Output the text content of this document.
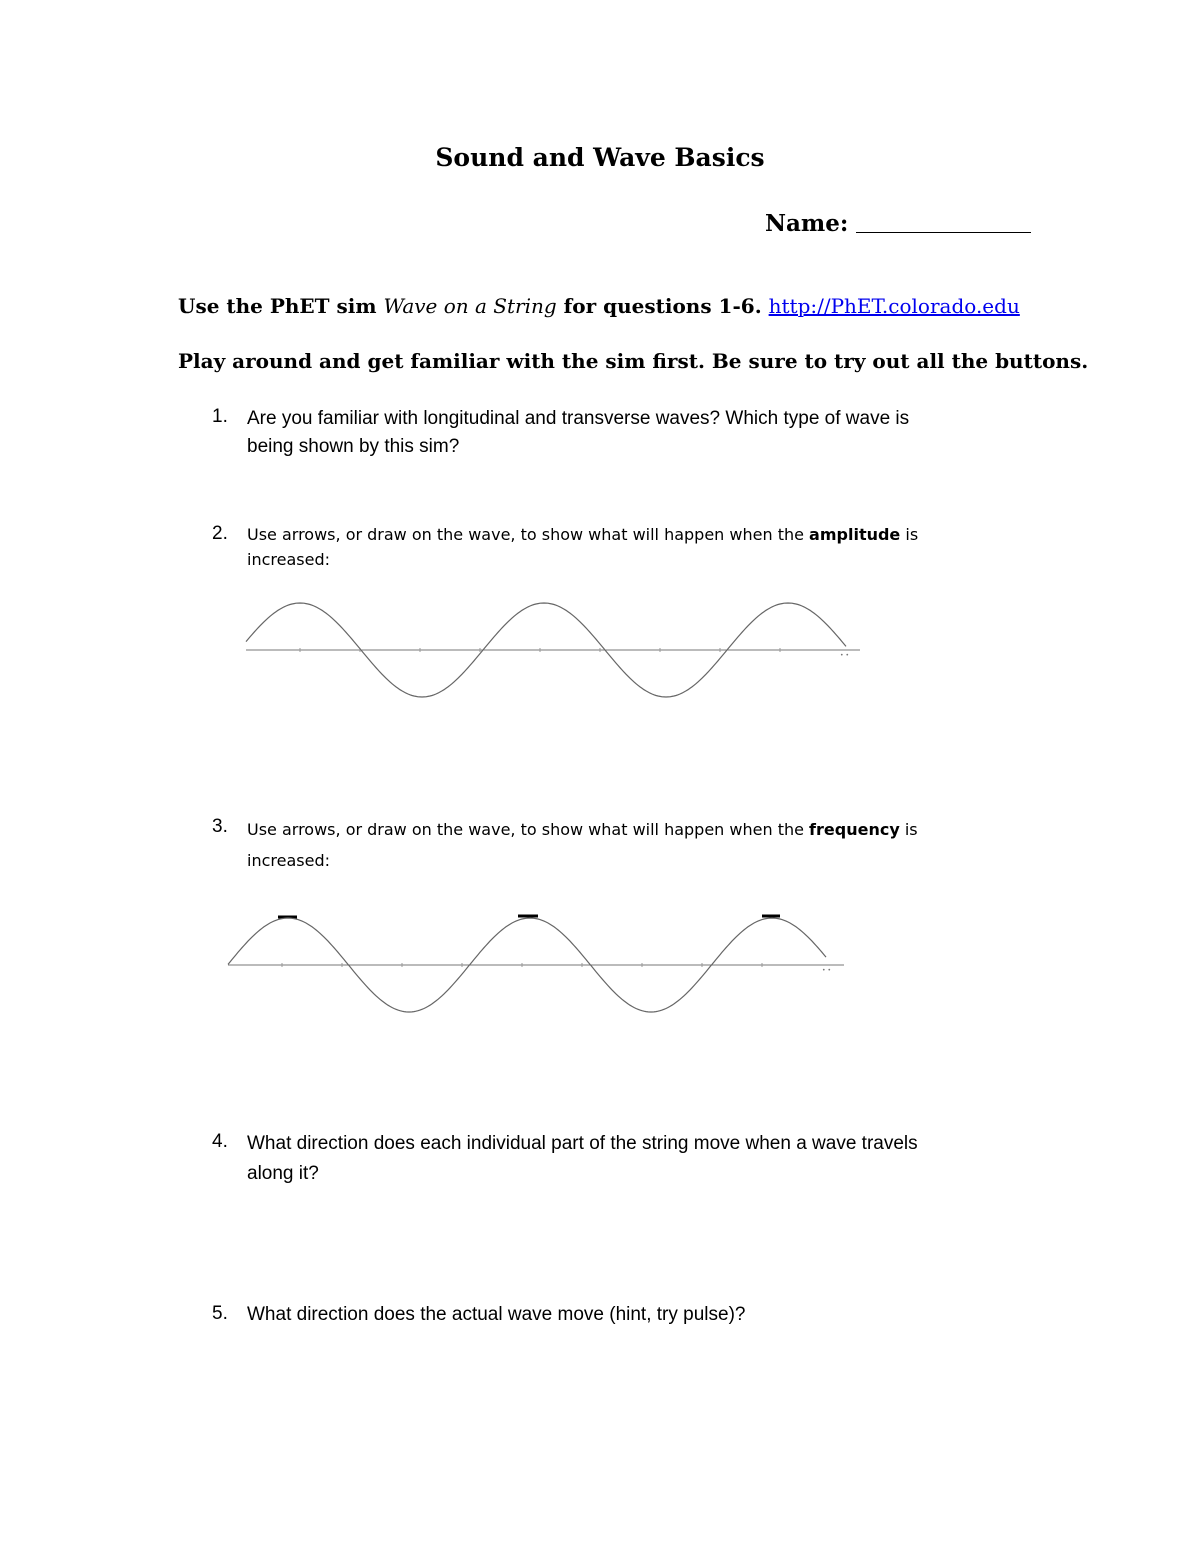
Sound and Wave Basics
Name:
Use the PhET sim Wave on a String for questions 1-6. http://PhET.colorado.edu
Play around and get familiar with the sim first. Be sure to try out all the buttons.
1. Are you familiar with longitudinal and transverse waves? Which type of wave is
being shown by this sim?
2. Use arrows, or draw on the wave, to show what will happen when the amplitude is
increased:
• •
3. Use arrows, or draw on the wave, to show what will happen when the frequency is
increased:
• •
4. What direction does each individual part of the string move when a wave travels
along it?
5. What direction does the actual wave move (hint, try pulse)?
